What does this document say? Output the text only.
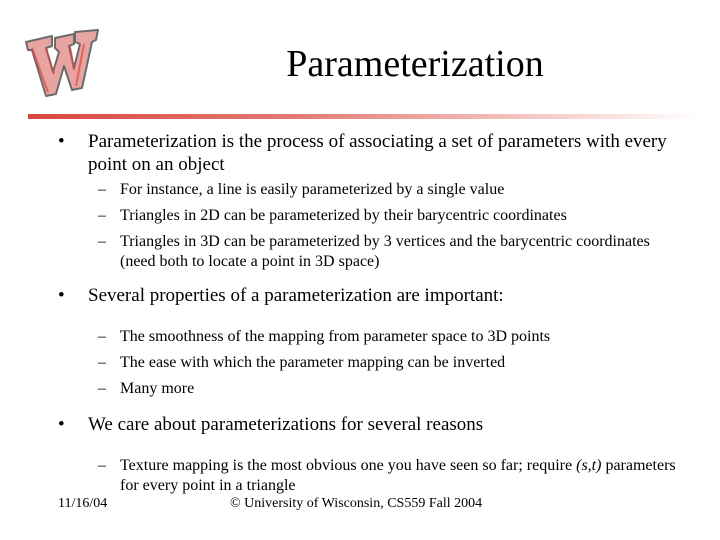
Parameterization
• Parameterization is the process of associating a set of parameters with every point on an object
– For instance, a line is easily parameterized by a single value
– Triangles in 2D can be parameterized by their barycentric coordinates
– Triangles in 3D can be parameterized by 3 vertices and the barycentric coordinates (need both to locate a point in 3D space)
• Several properties of a parameterization are important:
– The smoothness of the mapping from parameter space to 3D points
– The ease with which the parameter mapping can be inverted
– Many more
• We care about parameterizations for several reasons
– Texture mapping is the most obvious one you have seen so far; require (s,t) parameters for every point in a triangle
11/16/04	© University of Wisconsin, CS559 Fall 2004
